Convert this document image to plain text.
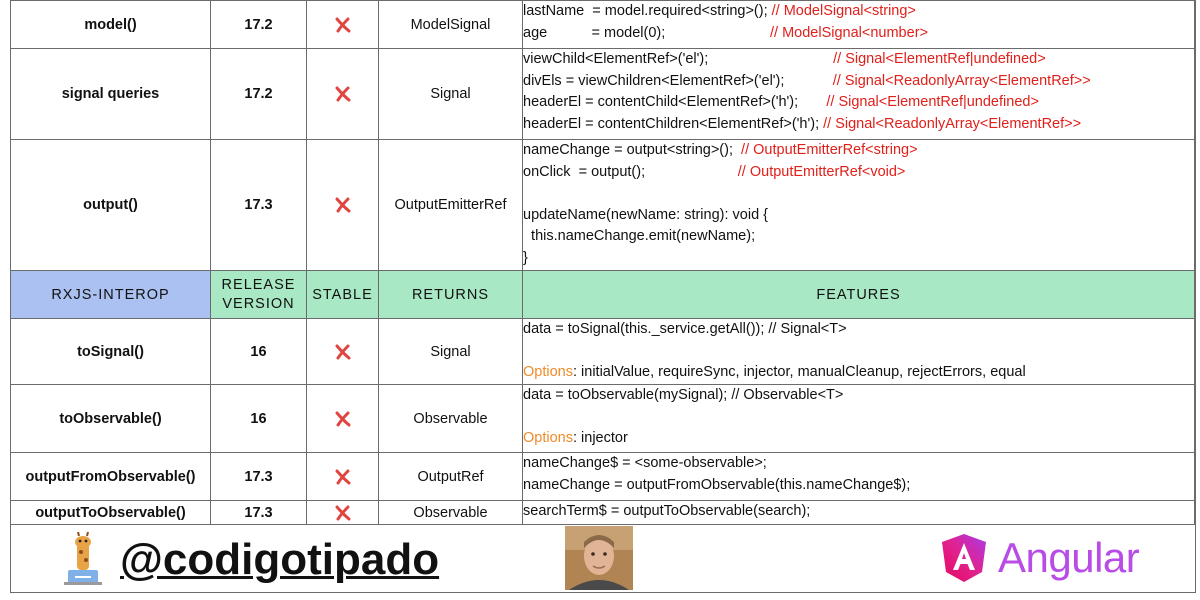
model()	17.2		ModelSignal	lastName  = model.required<string>(); // ModelSignal<string>
age           = model(0);                          // ModelSignal<number>

signal queries	17.2		Signal	viewChild<ElementRef>('el');                               // Signal<ElementRef|undefined>
divEls = viewChildren<ElementRef>('el');            // Signal<ReadonlyArray<ElementRef>>
headerEl = contentChild<ElementRef>('h');       // Signal<ElementRef|undefined>
headerEl = contentChildren<ElementRef>('h'); // Signal<ReadonlyArray<ElementRef>>

output()	17.3		OutputEmitterRef	nameChange = output<string>();  // OutputEmitterRef<string>
onClick  = output();                       // OutputEmitterRef<void>
updateName(newName: string): void {
this.nameChange.emit(newName);
}

RXJS-INTEROP	RELEASE VERSION	STABLE	RETURNS	FEATURES
toSignal()	16		Signal	data = toSignal(this._service.getAll()); // Signal<T>
Options: initialValue, requireSync, injector, manualCleanup, rejectErrors, equal

toObservable()	16		Observable	data = toObservable(mySignal); // Observable<T>
Options: injector

outputFromObservable()	17.3		OutputRef	nameChange$ = <some-observable>;
nameChange = outputFromObservable(this.nameChange$);

outputToObservable()	17.3		Observable	searchTerm$ = outputToObservable(search);
@codigotipado	Angular
